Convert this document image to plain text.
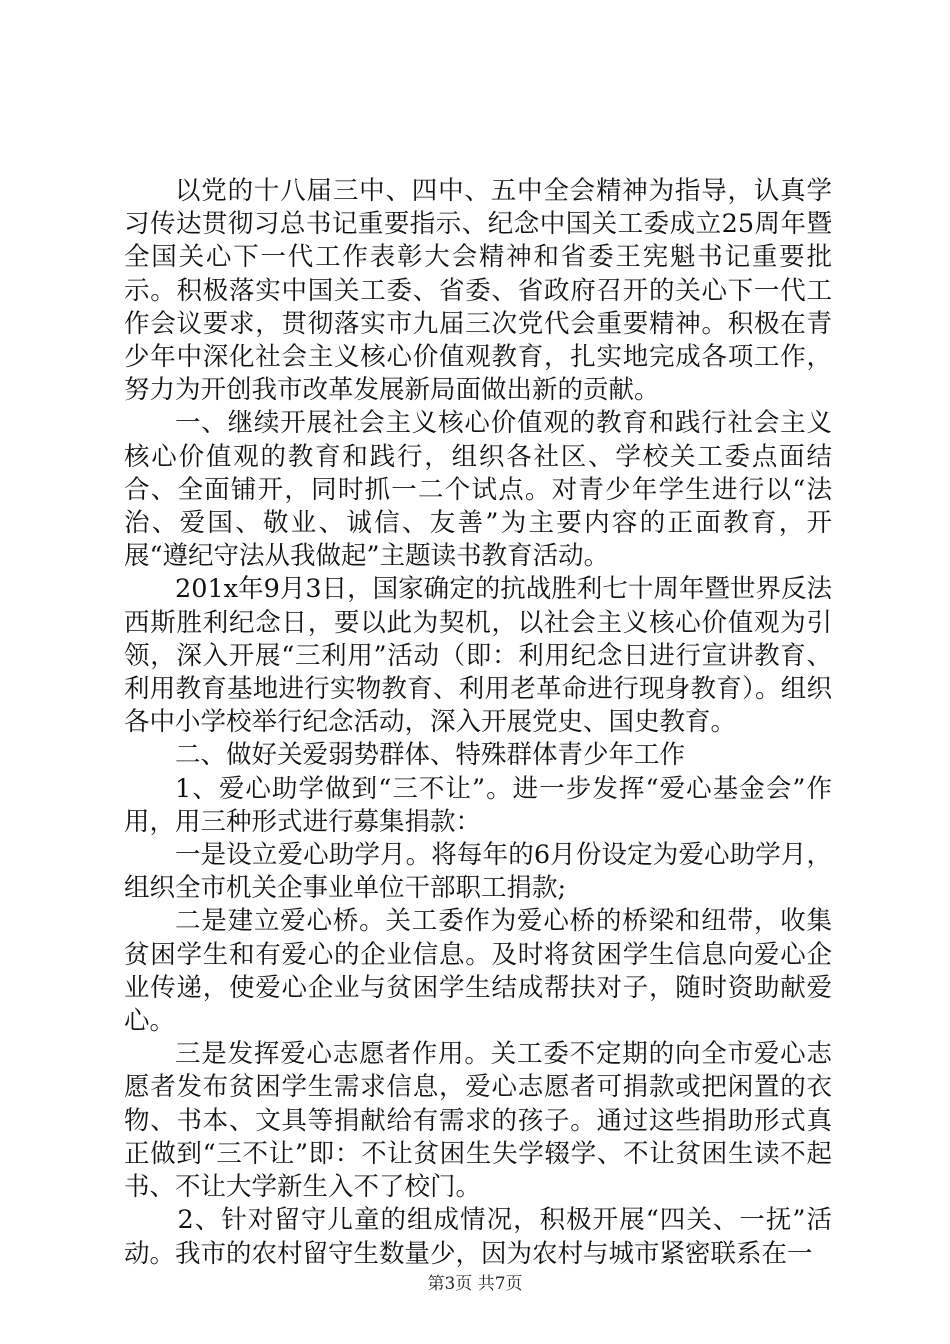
以党的十八届三中、四中、五中全会精神为指导，认真学习传达贯彻习总书记重要指示、纪念中国关工委成立25周年暨全国关心下一代工作表彰大会精神和省委王宪魁书记重要批示。积极落实中国关工委、省委、省政府召开的关心下一代工作会议要求，贯彻落实市九届三次党代会重要精神。积极在青少年中深化社会主义核心价值观教育，扎实地完成各项工作，努力为开创我市改革发展新局面做出新的贡献。

一、继续开展社会主义核心价值观的教育和践行社会主义核心价值观的教育和践行，组织各社区、学校关工委点面结合、全面铺开，同时抓一二个试点。对青少年学生进行以“法治、爱国、敬业、诚信、友善”为主要内容的正面教育，开展“遵纪守法从我做起”主题读书教育活动。

201x年9月3日，国家确定的抗战胜利七十周年暨世界反法西斯胜利纪念日，要以此为契机，以社会主义核心价值观为引领，深入开展“三利用”活动（即：利用纪念日进行宣讲教育、利用教育基地进行实物教育、利用老革命进行现身教育）。组织各中小学校举行纪念活动，深入开展党史、国史教育。

二、做好关爱弱势群体、特殊群体青少年工作

1、爱心助学做到“三不让”。进一步发挥“爱心基金会”作用，用三种形式进行募集捐款：

一是设立爱心助学月。将每年的6月份设定为爱心助学月，组织全市机关企事业单位干部职工捐款;

二是建立爱心桥。关工委作为爱心桥的桥梁和纽带，收集贫困学生和有爱心的企业信息。及时将贫困学生信息向爱心企业传递，使爱心企业与贫困学生结成帮扶对子，随时资助献爱心。

三是发挥爱心志愿者作用。关工委不定期的向全市爱心志愿者发布贫困学生需求信息，爱心志愿者可捐款或把闲置的衣物、书本、文具等捐献给有需求的孩子。通过这些捐助形式真正做到“三不让”即：不让贫困生失学辍学、不让贫困生读不起书、不让大学新生入不了校门。

2、针对留守儿童的组成情况，积极开展“四关、一抚”活动。我市的农村留守生数量少，因为农村与城市紧密联系在一

第3页 共7页
